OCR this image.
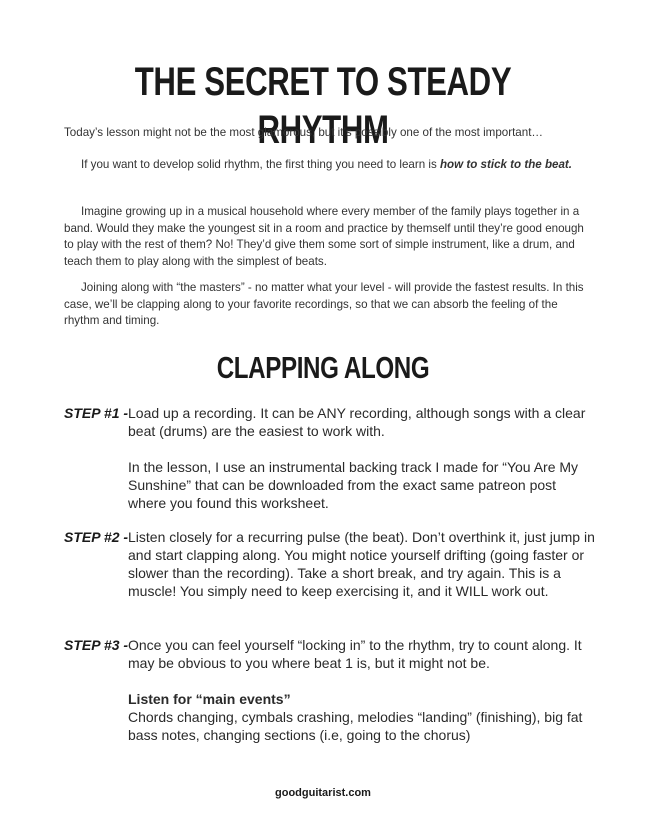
THE SECRET TO STEADY RHYTHM

Today’s lesson might not be the most glamorous, but it’s possibly one of the most important…

If you want to develop solid rhythm, the first thing you need to learn is how to stick to the beat.

Imagine growing up in a musical household where every member of the family plays together in a band. Would they make the youngest sit in a room and practice by themself until they’re good enough to play with the rest of them? No! They’d give them some sort of simple instrument, like a drum, and teach them to play along with the simplest of beats.

Joining along with “the masters” - no matter what your level - will provide the fastest results. In this case, we’ll be clapping along to your favorite recordings, so that we can absorb the feeling of the rhythm and timing.

CLAPPING ALONG
STEP #1 - Load up a recording. It can be ANY recording, although songs with a clear beat (drums) are the easiest to work with.

In the lesson, I use an instrumental backing track I made for “You Are My Sunshine” that can be downloaded from the exact same patreon post where you found this worksheet.

STEP #2 - Listen closely for a recurring pulse (the beat). Don’t overthink it, just jump in and start clapping along. You might notice yourself drifting (going faster or slower than the recording). Take a short break, and try again. This is a muscle! You simply need to keep exercising it, and it WILL work out.

STEP #3 - Once you can feel yourself “locking in” to the rhythm, try to count along. It may be obvious to you where beat 1 is, but it might not be.

Listen for “main events”

Chords changing, cymbals crashing, melodies “landing” (finishing), big fat bass notes, changing sections (i.e, going to the chorus)

goodguitarist.com
